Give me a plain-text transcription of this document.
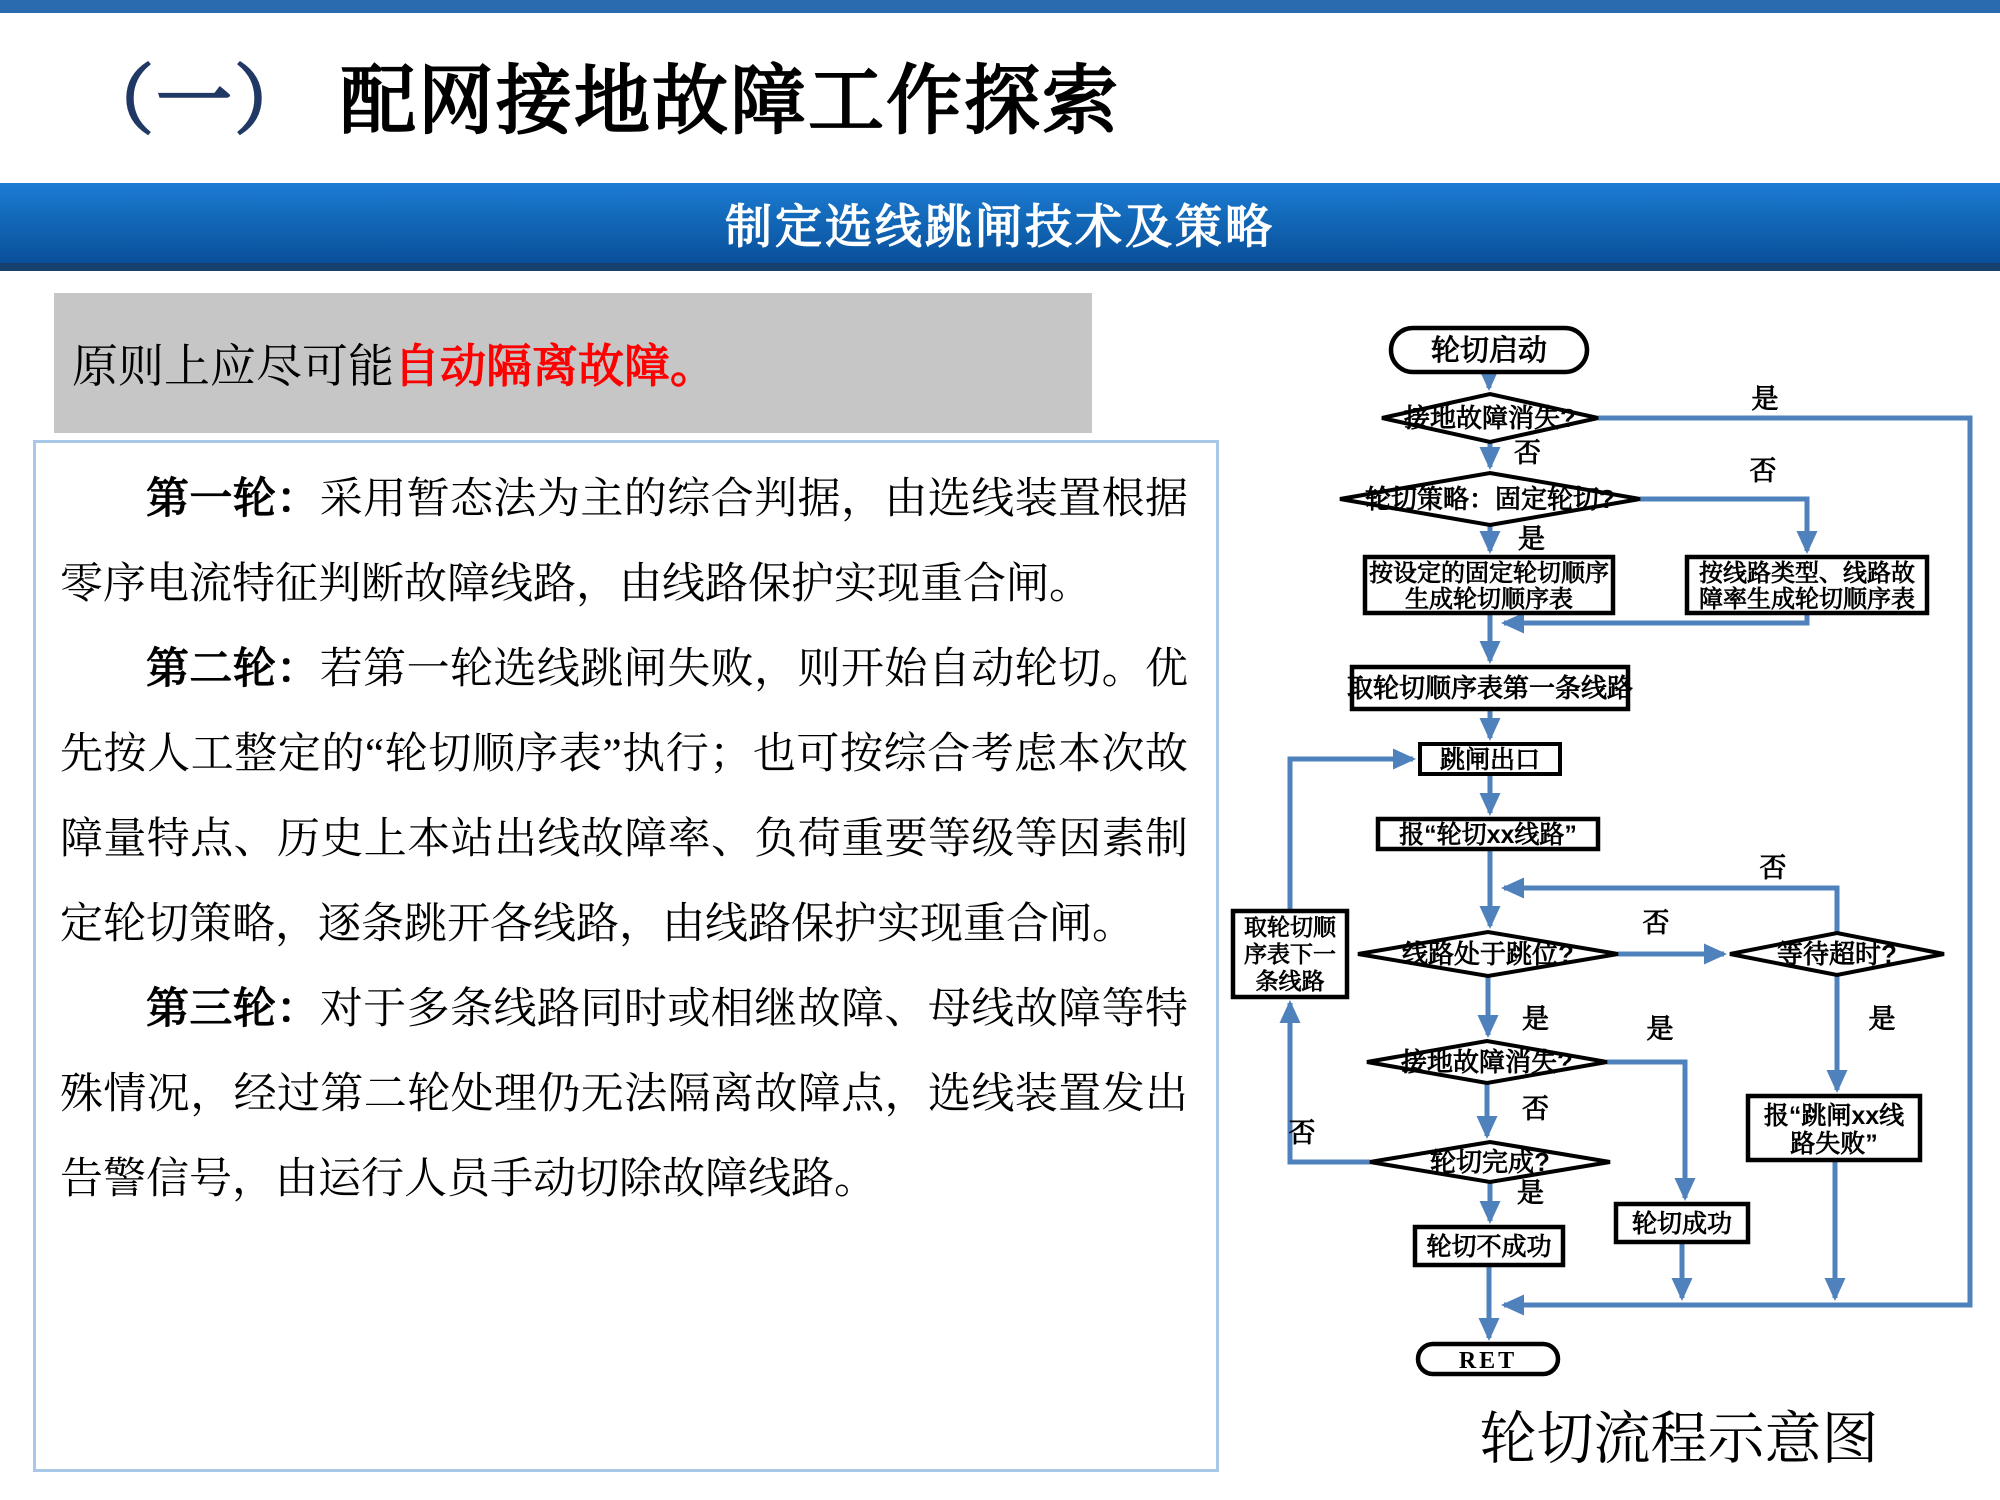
（一） 配网接地故障工作探索
制定选线跳闸技术及策略
原则上应尽可能 自动隔离故障。

第一轮：采用暂态法为主的综合判据，由选线装置根据零序电流特征判断故障线路，由线路保护实现重合闸。

第二轮：若第一轮选线跳闸失败，则开始自动轮切。优先按人工整定的“轮切顺序表”执行；也可按综合考虑本次故障量特点、历史上本站出线故障率、负荷重要等级等因素制定轮切策略，逐条跳开各线路，由线路保护实现重合闸。

第三轮：对于多条线路同时或相继故障、母线故障等特殊情况，经过第二轮处理仍无法隔离故障点，选线装置发出告警信号，由运行人员手动切除故障线路。

轮切启动
接地故障消失?
轮切策略：固定轮切?
按设定的固定轮切顺序
生成轮切顺序表
按线路类型、线路故
障率生成轮切顺序表
取轮切顺序表第一条线路
跳闸出口
报“轮切xx线路”
线路处于跳位?	等待超时?
取轮切顺
序表下一
条线路
接地故障消失?
轮切完成?
报“跳闸xx线
路失败”
轮切成功
轮切不成功
RET
是
否
否
是
否
否
是	是
是
否
否
是
轮切流程示意图
